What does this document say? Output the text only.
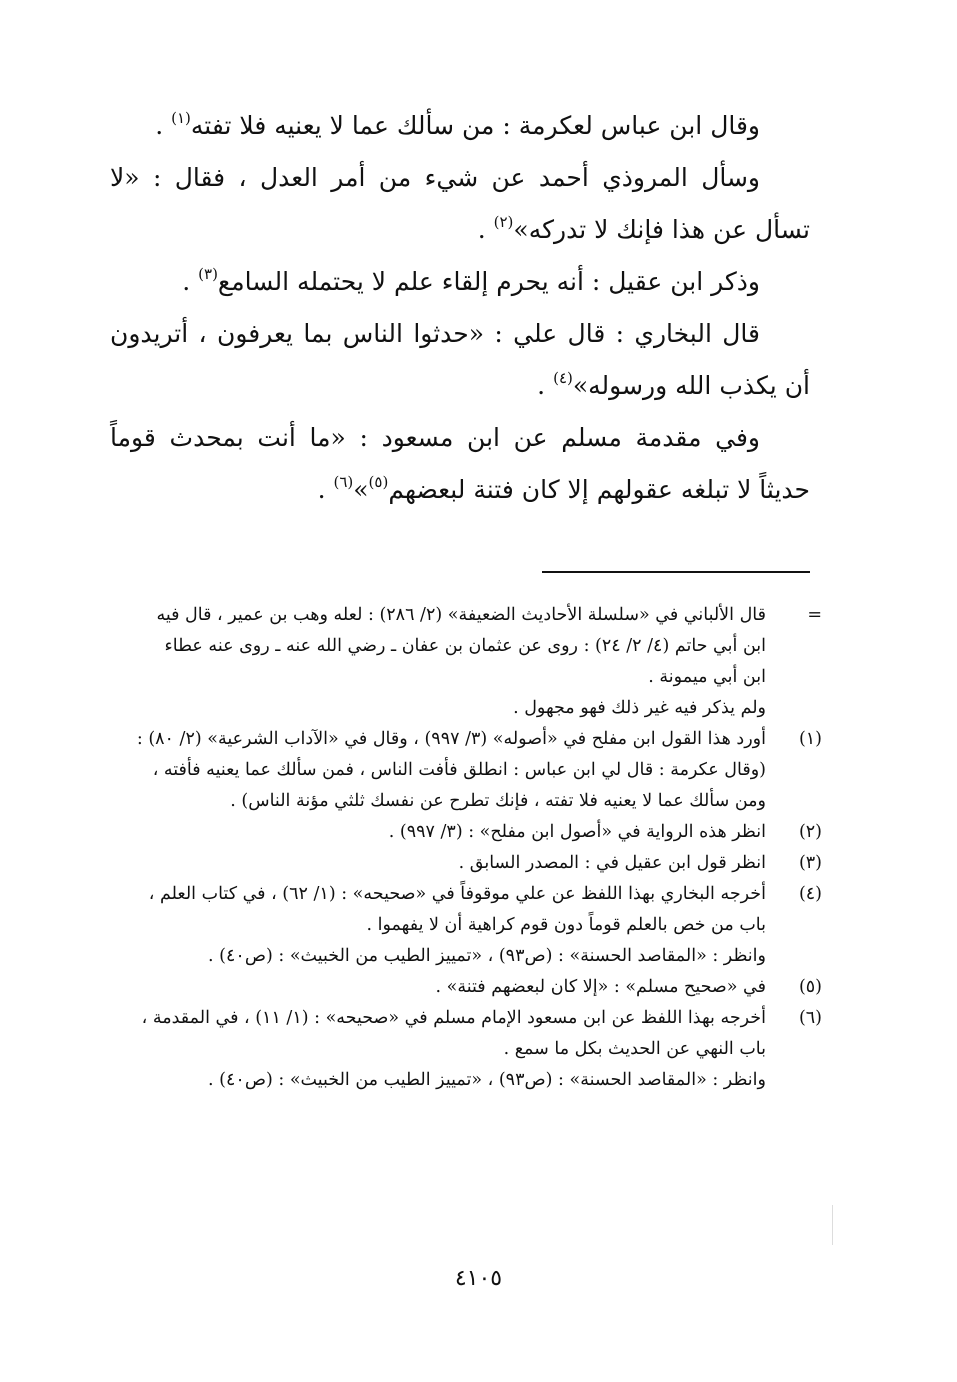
وقال ابن عباس لعكرمة : من سألك عما لا يعنيه فلا تفته$^{(١)}$ .

وسأل المروذي أحمد عن شيء من أمر العدل ، فقال : «لا تسأل عن هذا فإنك لا تدركه»$^{(٢)}$ .

وذكر ابن عقيل : أنه يحرم إلقاء علم لا يحتمله السامع$^{(٣)}$ .

قال البخاري : قال علي : «حدثوا الناس بما يعرفون ، أتريدون أن يكذب الله ورسوله»$^{(٤)}$ .

وفي مقدمة مسلم عن ابن مسعود : «ما أنت بمحدث قوماً حديثاً لا تبلغه عقولهم إلا كان فتنة لبعضهم$^{(٥)}$»$^{(٦)}$ .

=
قال الألباني في «سلسلة الأحاديث الضعيفة» (٢/ ٢٨٦) : لعله وهب بن عمير ، قال فيه
ابن أبي حاتم (٤/ ٢/ ٢٤) : روى عن عثمان بن عفان ـ رضي الله عنه ـ روى عنه عطاء
ابن أبي ميمونة .
ولم يذكر فيه غير ذلك فهو مجهول .
(١)
أورد هذا القول ابن مفلح في «أصوله» (٣/ ٩٩٧) ، وقال في «الآداب الشرعية» (٢/ ٨٠) :
(وقال عكرمة : قال لي ابن عباس : انطلق فأفت الناس ، فمن سألك عما يعنيه فأفته ،
ومن سألك عما لا يعنيه فلا تفته ، فإنك تطرح عن نفسك ثلثي مؤنة الناس) .
(٢)
انظر هذه الرواية في «أصول ابن مفلح» : (٣/ ٩٩٧) .
(٣)
انظر قول ابن عقيل في : المصدر السابق .
(٤)
أخرجه البخاري بهذا اللفظ عن علي موقوفاً في «صحيحه» : (١/ ٦٢) ، في كتاب العلم ،
باب من خص بالعلم قوماً دون قوم كراهية أن لا يفهموا .
وانظر : «المقاصد الحسنة» : (ص٩٣) ، «تمييز الطيب من الخبيث» : (ص٤٠) .
(٥)
في «صحيح مسلم» : «إلا كان لبعضهم فتنة» .
(٦)
أخرجه بهذا اللفظ عن ابن مسعود الإمام مسلم في «صحيحه» : (١/ ١١) ، في المقدمة ،
باب النهي عن الحديث بكل ما سمع .
وانظر : «المقاصد الحسنة» : (ص٩٣) ، «تمييز الطيب من الخبيث» : (ص٤٠) .
٤١٠٥
